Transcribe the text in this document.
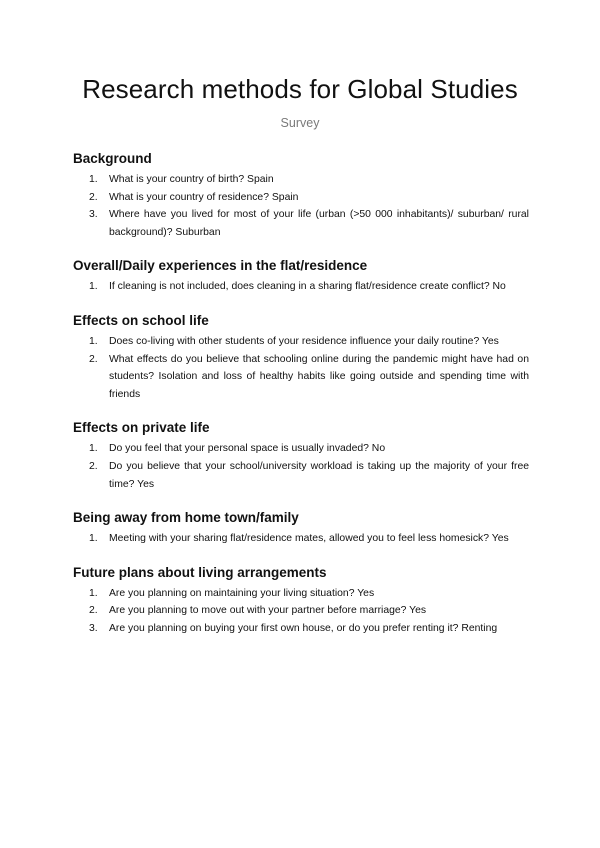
Research methods for Global Studies
Survey
Background
1. What is your country of birth? Spain
2. What is your country of residence? Spain
3. Where have you lived for most of your life (urban (>50 000 inhabitants)/ suburban/ rural background)? Suburban
Overall/Daily experiences in the flat/residence
1. If cleaning is not included, does cleaning in a sharing flat/residence create conflict? No
Effects on school life
1. Does co-living with other students of your residence influence your daily routine? Yes
2. What effects do you believe that schooling online during the pandemic might have had on students? Isolation and loss of healthy habits like going outside and spending time with friends
Effects on private life
1. Do you feel that your personal space is usually invaded? No
2. Do you believe that your school/university workload is taking up the majority of your free time? Yes
Being away from home town/family
1. Meeting with your sharing flat/residence mates, allowed you to feel less homesick? Yes
Future plans about living arrangements
1. Are you planning on maintaining your living situation? Yes
2. Are you planning to move out with your partner before marriage? Yes
3. Are you planning on buying your first own house, or do you prefer renting it? Renting
